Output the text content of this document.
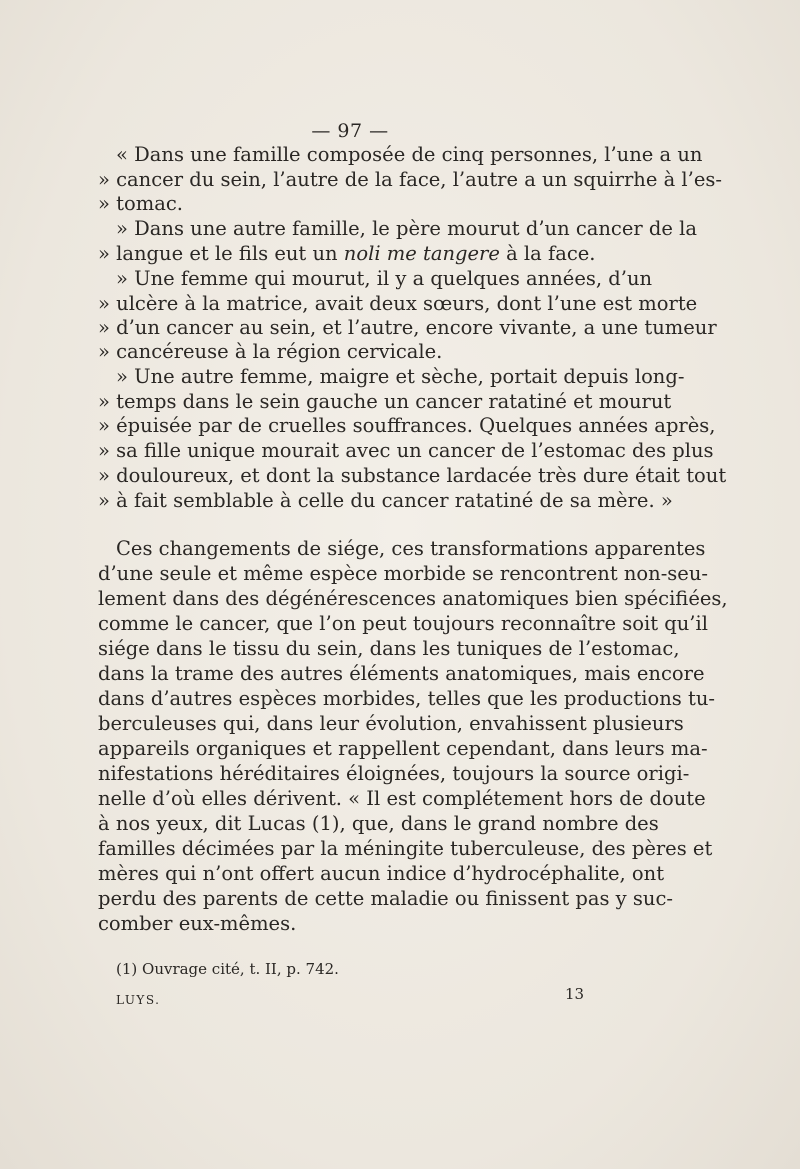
— 97 —
« Dans une famille composée de cinq personnes, l’une a un
» cancer du sein, l’autre de la face, l’autre a un squirrhe à l’es-
» tomac.
» Dans une autre famille, le père mourut d’un cancer de la
» langue et le fils eut un noli me tangere à la face.
» Une femme qui mourut, il y a quelques années, d’un
» ulcère à la matrice, avait deux sœurs, dont l’une est morte
» d’un cancer au sein, et l’autre, encore vivante, a une tumeur
» cancéreuse à la région cervicale.
» Une autre femme, maigre et sèche, portait depuis long-
» temps dans le sein gauche un cancer ratatiné et mourut
» épuisée par de cruelles souffrances. Quelques années après,
» sa fille unique mourait avec un cancer de l’estomac des plus
» douloureux, et dont la substance lardacée très dure était tout
» à fait semblable à celle du cancer ratatiné de sa mère. »
Ces changements de siége, ces transformations apparentes
d’une seule et même espèce morbide se rencontrent non-seu-
lement dans des dégénérescences anatomiques bien spécifiées,
comme le cancer, que l’on peut toujours reconnaître soit qu’il
siége dans le tissu du sein, dans les tuniques de l’estomac,
dans la trame des autres éléments anatomiques, mais encore
dans d’autres espèces morbides, telles que les productions tu-
berculeuses qui, dans leur évolution, envahissent plusieurs
appareils organiques et rappellent cependant, dans leurs ma-
nifestations héréditaires éloignées, toujours la source origi-
nelle d’où elles dérivent. « Il est complétement hors de doute
à nos yeux, dit Lucas (1), que, dans le grand nombre des
familles décimées par la méningite tuberculeuse, des pères et
mères qui n’ont offert aucun indice d’hydrocéphalite, ont
perdu des parents de cette maladie ou finissent pas y suc-
comber eux-mêmes.
(1) Ouvrage cité, t. II, p. 742.
LUYS.	13
